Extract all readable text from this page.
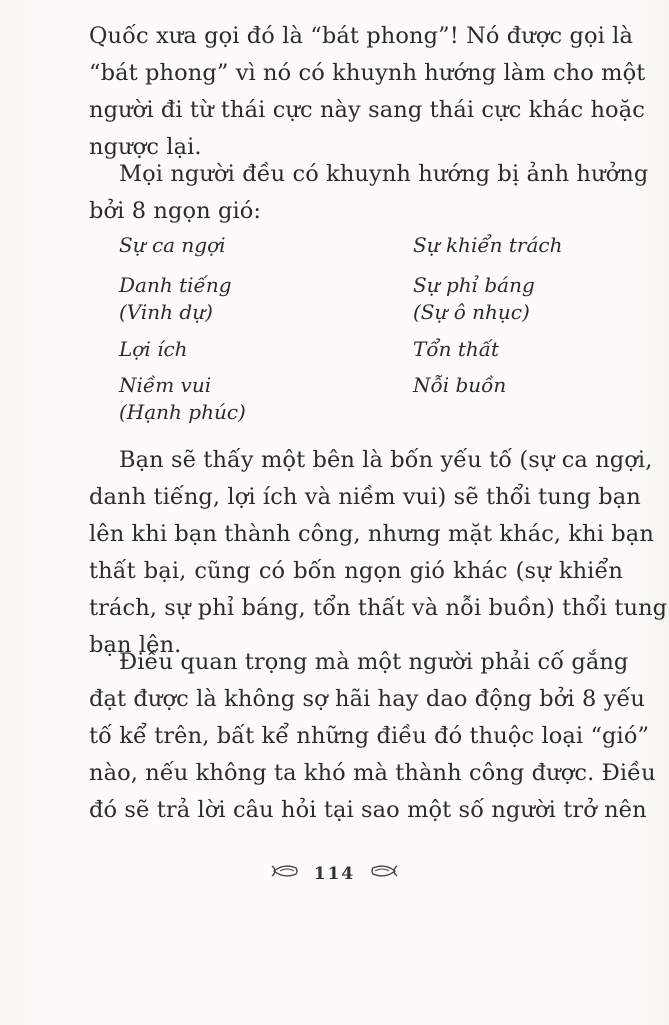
Quốc xưa gọi đó là “bát phong”! Nó được gọi là
“bát phong” vì nó có khuynh hướng làm cho một
người đi từ thái cực này sang thái cực khác hoặc
ngược lại.
Mọi người đều có khuynh hướng bị ảnh hưởng
bởi 8 ngọn gió:
Sự ca ngợi	Sự khiển trách
Danh tiếng
(Vinh dự)
Sự phỉ báng
(Sự ô nhục)
Lợi ích	Tổn thất
Niềm vui
(Hạnh phúc)
Nỗi buồn
Bạn sẽ thấy một bên là bốn yếu tố (sự ca ngợi,
danh tiếng, lợi ích và niềm vui) sẽ thổi tung bạn
lên khi bạn thành công, nhưng mặt khác, khi bạn
thất bại, cũng có bốn ngọn gió khác (sự khiển
trách, sự phỉ báng, tổn thất và nỗi buồn) thổi tung
bạn lên.
Điều quan trọng mà một người phải cố gắng
đạt được là không sợ hãi hay dao động bởi 8 yếu
tố kể trên, bất kể những điều đó thuộc loại “gió”
nào, nếu không ta khó mà thành công được. Điều
đó sẽ trả lời câu hỏi tại sao một số người trở nên
114
